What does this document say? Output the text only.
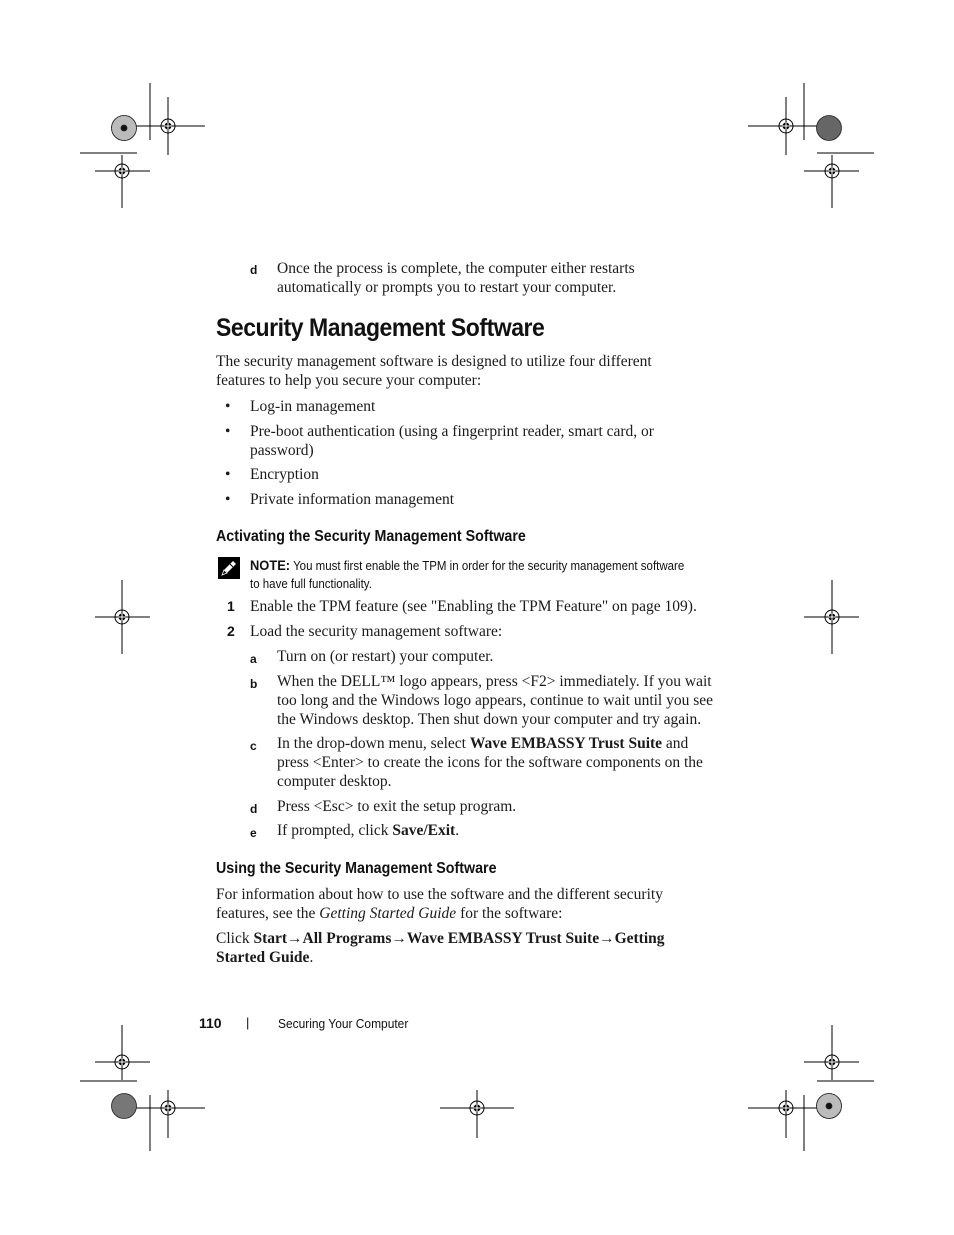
d Once the process is complete, the computer either restarts automatically or prompts you to restart your computer.
Security Management Software
The security management software is designed to utilize four different features to help you secure your computer:
• Log-in management
• Pre-boot authentication (using a fingerprint reader, smart card, or password)
• Encryption
• Private information management
Activating the Security Management Software
NOTE: You must first enable the TPM in order for the security management software to have full functionality.
1 Enable the TPM feature (see "Enabling the TPM Feature" on page 109).
2 Load the security management software:
a Turn on (or restart) your computer.
b When the DELL™ logo appears, press <F2> immediately. If you wait too long and the Windows logo appears, continue to wait until you see the Windows desktop. Then shut down your computer and try again.
c In the drop-down menu, select Wave EMBASSY Trust Suite and press <Enter> to create the icons for the software components on the computer desktop.
d Press <Esc> to exit the setup program.
e If prompted, click Save/Exit.
Using the Security Management Software
For information about how to use the software and the different security features, see the Getting Started Guide for the software:
Click Start→All Programs→Wave EMBASSY Trust Suite→Getting Started Guide.
110 | Securing Your Computer
